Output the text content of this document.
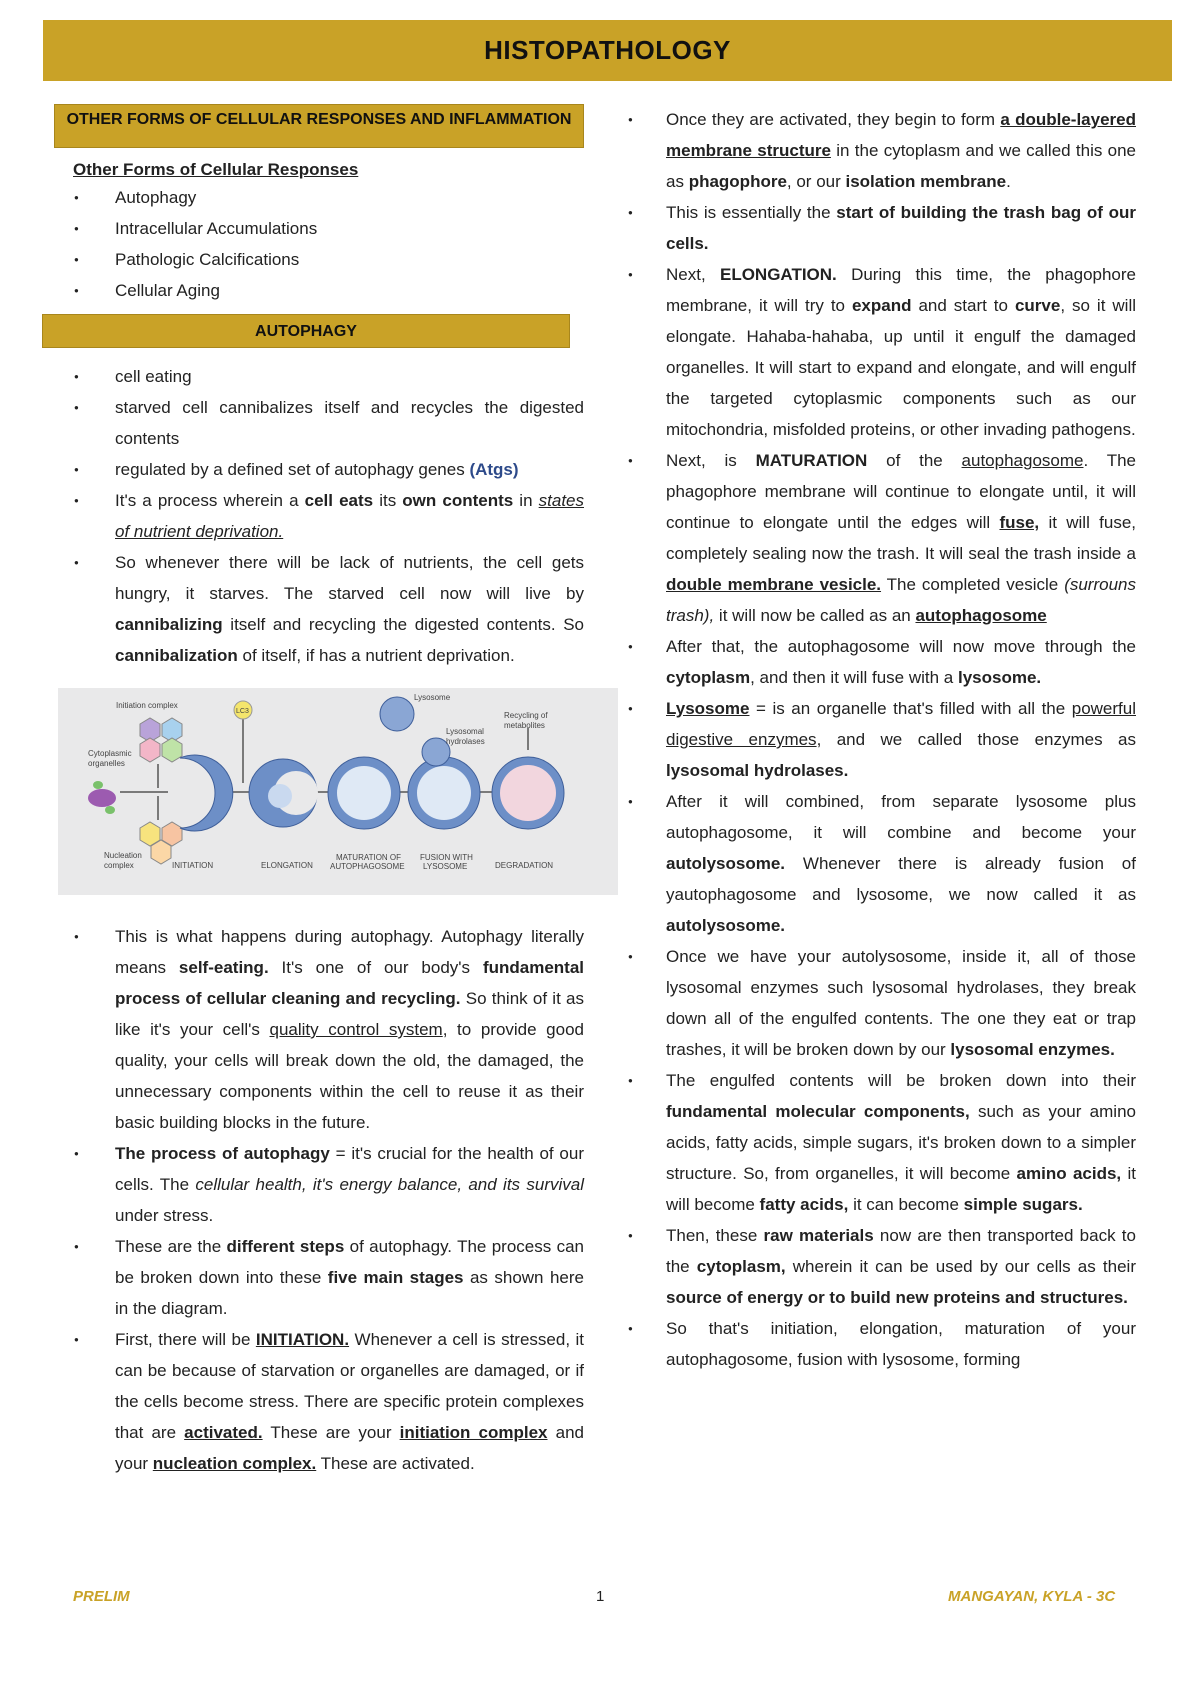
HISTOPATHOLOGY
OTHER FORMS OF CELLULAR RESPONSES AND INFLAMMATION
Other Forms of Cellular Responses
● Autophagy
● Intracellular Accumulations
● Pathologic Calcifications
● Cellular Aging
AUTOPHAGY
● cell eating
● starved cell cannibalizes itself and recycles the digested contents
● regulated by a defined set of autophagy genes (Atgs)
● It's a process wherein a cell eats its own contents in states of nutrient deprivation.
● So whenever there will be lack of nutrients, the cell gets hungry, it starves. The starved cell now will live by cannibalizing itself and recycling the digested contents. So cannibalization of itself, if has a nutrient deprivation.
Initiation complex
Cytoplasmic
organelles
LC3
Lysosome
Lysosomal
hydrolases
Recycling of
metabolites
Nucleation
complex	INITIATION	ELONGATION
MATURATION OF
AUTOPHAGOSOME
FUSION WITH
LYSOSOME	DEGRADATION
● This is what happens during autophagy. Autophagy literally means self-eating. It's one of our body's fundamental process of cellular cleaning and recycling. So think of it as like it's your cell's quality control system, to provide good quality, your cells will break down the old, the damaged, the unnecessary components within the cell to reuse it as their basic building blocks in the future.
● The process of autophagy = it's crucial for the health of our cells. The cellular health, it's energy balance, and its survival under stress.
● These are the different steps of autophagy. The process can be broken down into these five main stages as shown here in the diagram.
● First, there will be INITIATION. Whenever a cell is stressed, it can be because of starvation or organelles are damaged, or if the cells become stress. There are specific protein complexes that are activated. These are your initiation complex and your nucleation complex. These are activated.
● Once they are activated, they begin to form a double-layered membrane structure in the cytoplasm and we called this one as phagophore, or our isolation membrane.
● This is essentially the start of building the trash bag of our cells.
● Next, ELONGATION. During this time, the phagophore membrane, it will try to expand and start to curve, so it will elongate. Hahaba-hahaba, up until it engulf the damaged organelles. It will start to expand and elongate, and will engulf the targeted cytoplasmic components such as our mitochondria, misfolded proteins, or other invading pathogens.
● Next, is MATURATION of the autophagosome. The phagophore membrane will continue to elongate until, it will continue to elongate until the edges will fuse, it will fuse, completely sealing now the trash. It will seal the trash inside a double membrane vesicle. The completed vesicle (surrouns trash), it will now be called as an autophagosome
● After that, the autophagosome will now move through the cytoplasm, and then it will fuse with a lysosome.
● Lysosome = is an organelle that's filled with all the powerful digestive enzymes, and we called those enzymes as lysosomal hydrolases.
● After it will combined, from separate lysosome plus autophagosome, it will combine and become your autolysosome. Whenever there is already fusion of yautophagosome and lysosome, we now called it as autolysosome.
● Once we have your autolysosome, inside it, all of those lysosomal enzymes such lysosomal hydrolases, they break down all of the engulfed contents. The one they eat or trap trashes, it will be broken down by our lysosomal enzymes.
● The engulfed contents will be broken down into their fundamental molecular components, such as your amino acids, fatty acids, simple sugars, it's broken down to a simpler structure. So, from organelles, it will become amino acids, it will become fatty acids, it can become simple sugars.
● Then, these raw materials now are then transported back to the cytoplasm, wherein it can be used by our cells as their source of energy or to build new proteins and structures.
● So that's initiation, elongation, maturation of your autophagosome, fusion with lysosome, forming
PRELIM	1	MANGAYAN, KYLA - 3C
